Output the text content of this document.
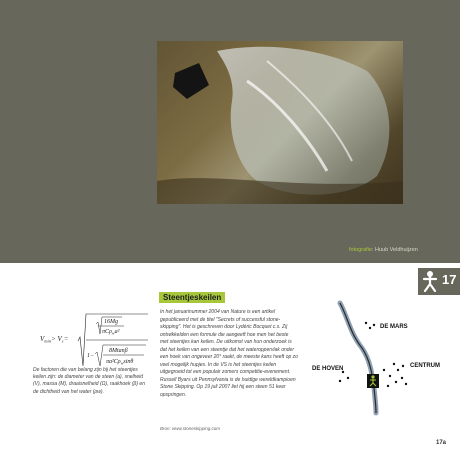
fotografie: Huub Veldhuijzen
17
$V_{min}> V_c=$
16Mg
πCρ$_w$a²
1−
8Mtanβ
$\pi a^2C\rho_w\sin\theta$
De factoren die van belang zijn bij het steentjes keilen zijn: de diameter van de steen (a), snelheid (V), massa (M), draaisnelheid (Ω), raakhoek (β) en de dichtheid van het water (ρw).
Steentjeskeilen
In het januarinummer 2004 van Nature is een artikel gepubliceerd met de titel "Secrets of successful stone-skipping". Het is geschreven door Lydéric Bocquet c.s. Zij ontwikkelden een formule die aangeeft hoe men het beste met steentjes kan keilen. De uitkomst van hun onderzoek is dat het keilen van een steentje dat het wateroppervlak onder een hoek van ongeveer 20° raakt, de meeste kans heeft op zo veel mogelijk hupjes. In de VS is het steentjes keilen uitgegroeid tot een populair zomers competitie-evenement. Russell Byars uit Pennsylvania is de huidige wereldkampioen Stone Skipping. Op 19 juli 2007 liet hij een steen 51 keer opspringen.
Bron: www.stoneskipping.com
DE MARS
DE HOVEN	CENTRUM
17a
